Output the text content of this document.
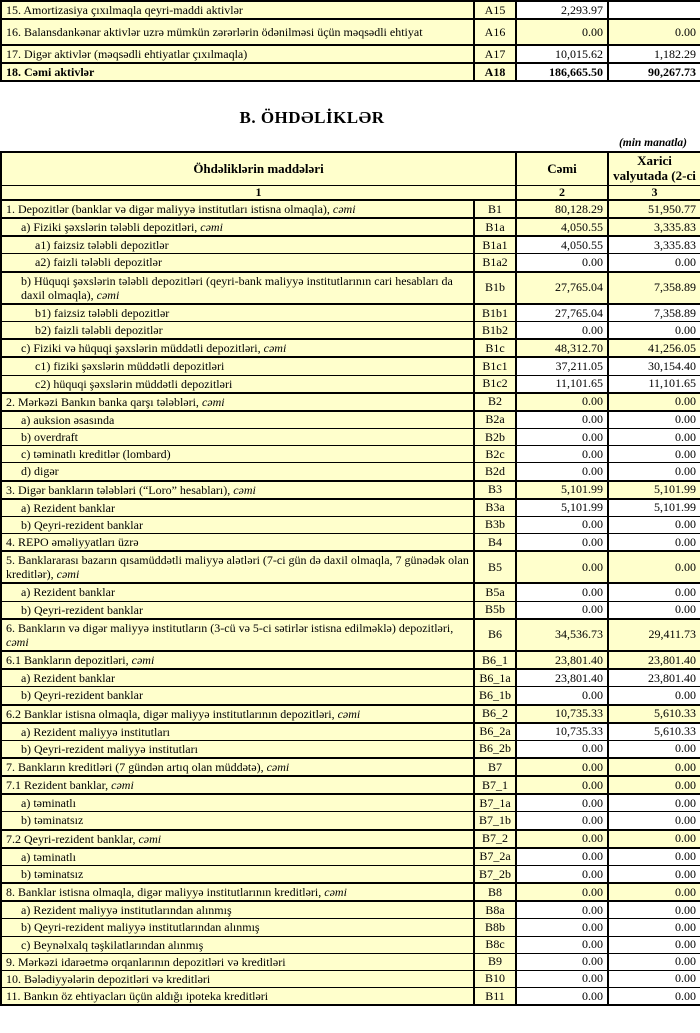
15. Amortizasiya çıxılmaqla qeyri-maddi aktivlər	A15	2,293.97	
16. Balansdankənar aktivlər uzrə mümkün zərərlərin ödənilməsi üçün məqsədli ehtiyat	A16	0.00	0.00
17. Digər aktivlər (məqsədli ehtiyatlar çıxılmaqla)	A17	10,015.62	1,182.29
18. Cəmi aktivlər	A18	186,665.50	90,267.73
B. ÖHDƏLİKLƏR
(min manatla)
Öhdəliklərin maddələri		Cəmi	Xarici valyutada (2-ci
1		2	3
1. Depozitlər (banklar və digər maliyyə institutları istisna olmaqla), cəmi	B1	80,128.29	51,950.77
a) Fiziki şəxslərin tələbli depozitləri, cəmi	B1a	4,050.55	3,335.83
a1) faizsiz tələbli depozitlər	B1a1	4,050.55	3,335.83
a2) faizli tələbli depozitlər	B1a2	0.00	0.00
b) Hüquqi şəxslərin tələbli depozitləri (qeyri-bank maliyyə institutlarının cari hesabları da daxil olmaqla), cəmi	B1b	27,765.04	7,358.89
b1) faizsiz tələbli depozitlər	B1b1	27,765.04	7,358.89
b2) faizli tələbli depozitlər	B1b2	0.00	0.00
c) Fiziki və hüquqi şəxslərin müddətli depozitləri, cəmi	B1c	48,312.70	41,256.05
c1) fiziki şəxslərin müddətli depozitləri	B1c1	37,211.05	30,154.40
c2) hüquqi şəxslərin müddətli depozitləri	B1c2	11,101.65	11,101.65
2. Mərkəzi Bankın banka qarşı tələbləri, cəmi	B2	0.00	0.00
a) auksion əsasında	B2a	0.00	0.00
b) overdraft	B2b	0.00	0.00
c) təminatlı kreditlər (lombard)	B2c	0.00	0.00
d) digər	B2d	0.00	0.00
3. Digər bankların tələbləri (“Loro” hesabları), cəmi	B3	5,101.99	5,101.99
a) Rezident banklar	B3a	5,101.99	5,101.99
b) Qeyri-rezident banklar	B3b	0.00	0.00
4. REPO əməliyyatları üzrə	B4	0.00	0.00
5. Banklararası bazarın qısamüddətli maliyyə alətləri (7-ci gün də daxil olmaqla, 7 günədək olan kreditlər), cəmi	B5	0.00	0.00
a) Rezident banklar	B5a	0.00	0.00
b) Qeyri-rezident banklar	B5b	0.00	0.00
6. Bankların və digər maliyyə institutların (3-cü və 5-ci sətirlər istisna edilməklə) depozitləri, cəmi	B6	34,536.73	29,411.73
6.1 Bankların depozitləri, cəmi	B6_1	23,801.40	23,801.40
a) Rezident banklar	B6_1a	23,801.40	23,801.40
b) Qeyri-rezident banklar	B6_1b	0.00	0.00
6.2 Banklar istisna olmaqla, digər maliyyə institutlarının depozitləri, cəmi	B6_2	10,735.33	5,610.33
a) Rezident maliyyə institutları	B6_2a	10,735.33	5,610.33
b) Qeyri-rezident maliyyə institutları	B6_2b	0.00	0.00
7. Bankların kreditləri (7 gündən artıq olan müddətə), cəmi	B7	0.00	0.00
7.1 Rezident banklar, cəmi	B7_1	0.00	0.00
a) təminatlı	B7_1a	0.00	0.00
b) təminatsız	B7_1b	0.00	0.00
7.2 Qeyri-rezident banklar, cəmi	B7_2	0.00	0.00
a) təminatlı	B7_2a	0.00	0.00
b) təminatsız	B7_2b	0.00	0.00
8. Banklar istisna olmaqla, digər maliyyə institutlarının kreditləri, cəmi	B8	0.00	0.00
a) Rezident maliyyə institutlarından alınmış	B8a	0.00	0.00
b) Qeyri-rezident maliyyə institutlarından alınmış	B8b	0.00	0.00
c) Beynəlxalq təşkilatlarından alınmış	B8c	0.00	0.00
9. Mərkəzi idarəetmə orqanlarının depozitləri və kreditləri	B9	0.00	0.00
10. Bələdiyyələrin depozitləri və kreditləri	B10	0.00	0.00
11. Bankın öz ehtiyacları üçün aldığı ipoteka kreditləri	B11	0.00	0.00
